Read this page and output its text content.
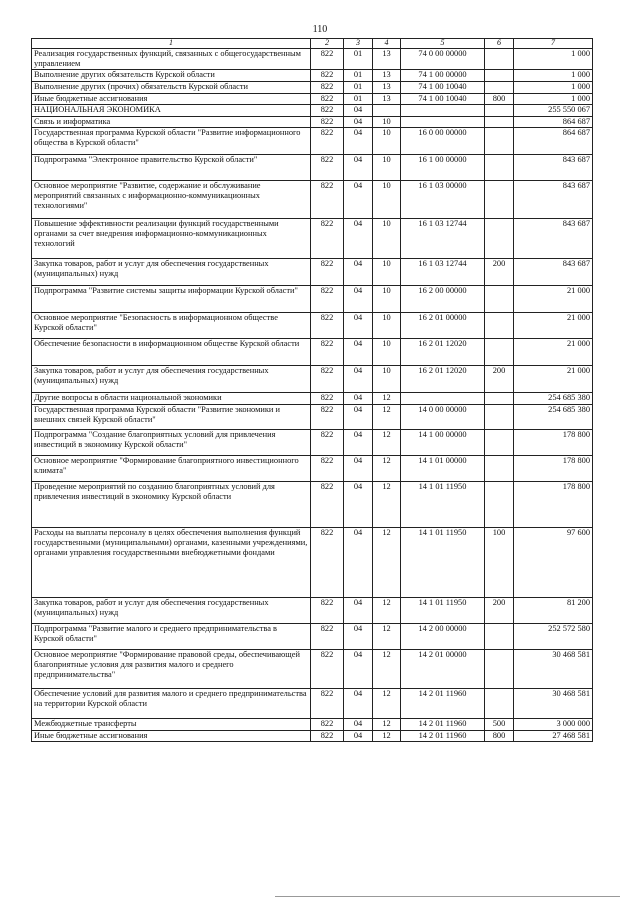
110
1	2	3	4	5	6	7
Реализация государственных функций, связанных с общегосударственным управлением	822	01	13	74 0 00 00000		1 000
Выполнение других обязательств Курской области	822	01	13	74 1 00 00000		1 000
Выполнение других (прочих) обязательств Курской области	822	01	13	74 1 00 10040		1 000
Иные бюджетные ассигнования	822	01	13	74 1 00 10040	800	1 000
НАЦИОНАЛЬНАЯ ЭКОНОМИКА	822	04				255 550 067
Связь и информатика	822	04	10			864 687
Государственная программа Курской области "Развитие информационного общества в Курской области"	822	04	10	16 0 00 00000		864 687
Подпрограмма "Электронное правительство Курской области"	822	04	10	16 1 00 00000		843 687
Основное мероприятие "Развитие, содержание и обслуживание мероприятий связанных с информационно-коммуникационных технологиями"	822	04	10	16 1 03 00000		843 687
Повышение эффективности реализации функций государственными органами за счет внедрения информационно-коммуникационных технологий	822	04	10	16 1 03 12744		843 687
Закупка товаров, работ и услуг для обеспечения государственных (муниципальных) нужд	822	04	10	16 1 03 12744	200	843 687
Подпрограмма "Развитие системы защиты информации Курской области"	822	04	10	16 2 00 00000		21 000
Основное мероприятие "Безопасность в информационном обществе Курской области"	822	04	10	16 2 01 00000		21 000
Обеспечение безопасности в информационном обществе Курской области	822	04	10	16 2 01 12020		21 000
Закупка товаров, работ и услуг для обеспечения государственных (муниципальных) нужд	822	04	10	16 2 01 12020	200	21 000
Другие вопросы в области национальной экономики	822	04	12			254 685 380
Государственная программа Курской области "Развитие экономики и внешних связей Курской области"	822	04	12	14 0 00 00000		254 685 380
Подпрограмма "Создание благоприятных условий для привлечения инвестиций в экономику Курской области"	822	04	12	14 1 00 00000		178 800
Основное мероприятие "Формирование благоприятного инвестиционного климата"	822	04	12	14 1 01 00000		178 800
Проведение мероприятий по созданию благоприятных условий для привлечения инвестиций в экономику Курской области	822	04	12	14 1 01 11950		178 800
Расходы на выплаты персоналу в целях обеспечения выполнения функций государственными (муниципальными) органами, казенными учреждениями, органами управления государственными внебюджетными фондами	822	04	12	14 1 01 11950	100	97 600
Закупка товаров, работ и услуг для обеспечения государственных (муниципальных) нужд	822	04	12	14 1 01 11950	200	81 200
Подпрограмма "Развитие малого и среднего предпринимательства в Курской области"	822	04	12	14 2 00 00000		252 572 580
Основное мероприятие "Формирование правовой среды, обеспечивающей благоприятные условия для развития малого и среднего предпринимательства"	822	04	12	14 2 01 00000		30 468 581
Обеспечение условий для развития малого и среднего предпринимательства на территории Курской области	822	04	12	14 2 01 11960		30 468 581
Межбюджетные трансферты	822	04	12	14 2 01 11960	500	3 000 000
Иные бюджетные ассигнования	822	04	12	14 2 01 11960	800	27 468 581
